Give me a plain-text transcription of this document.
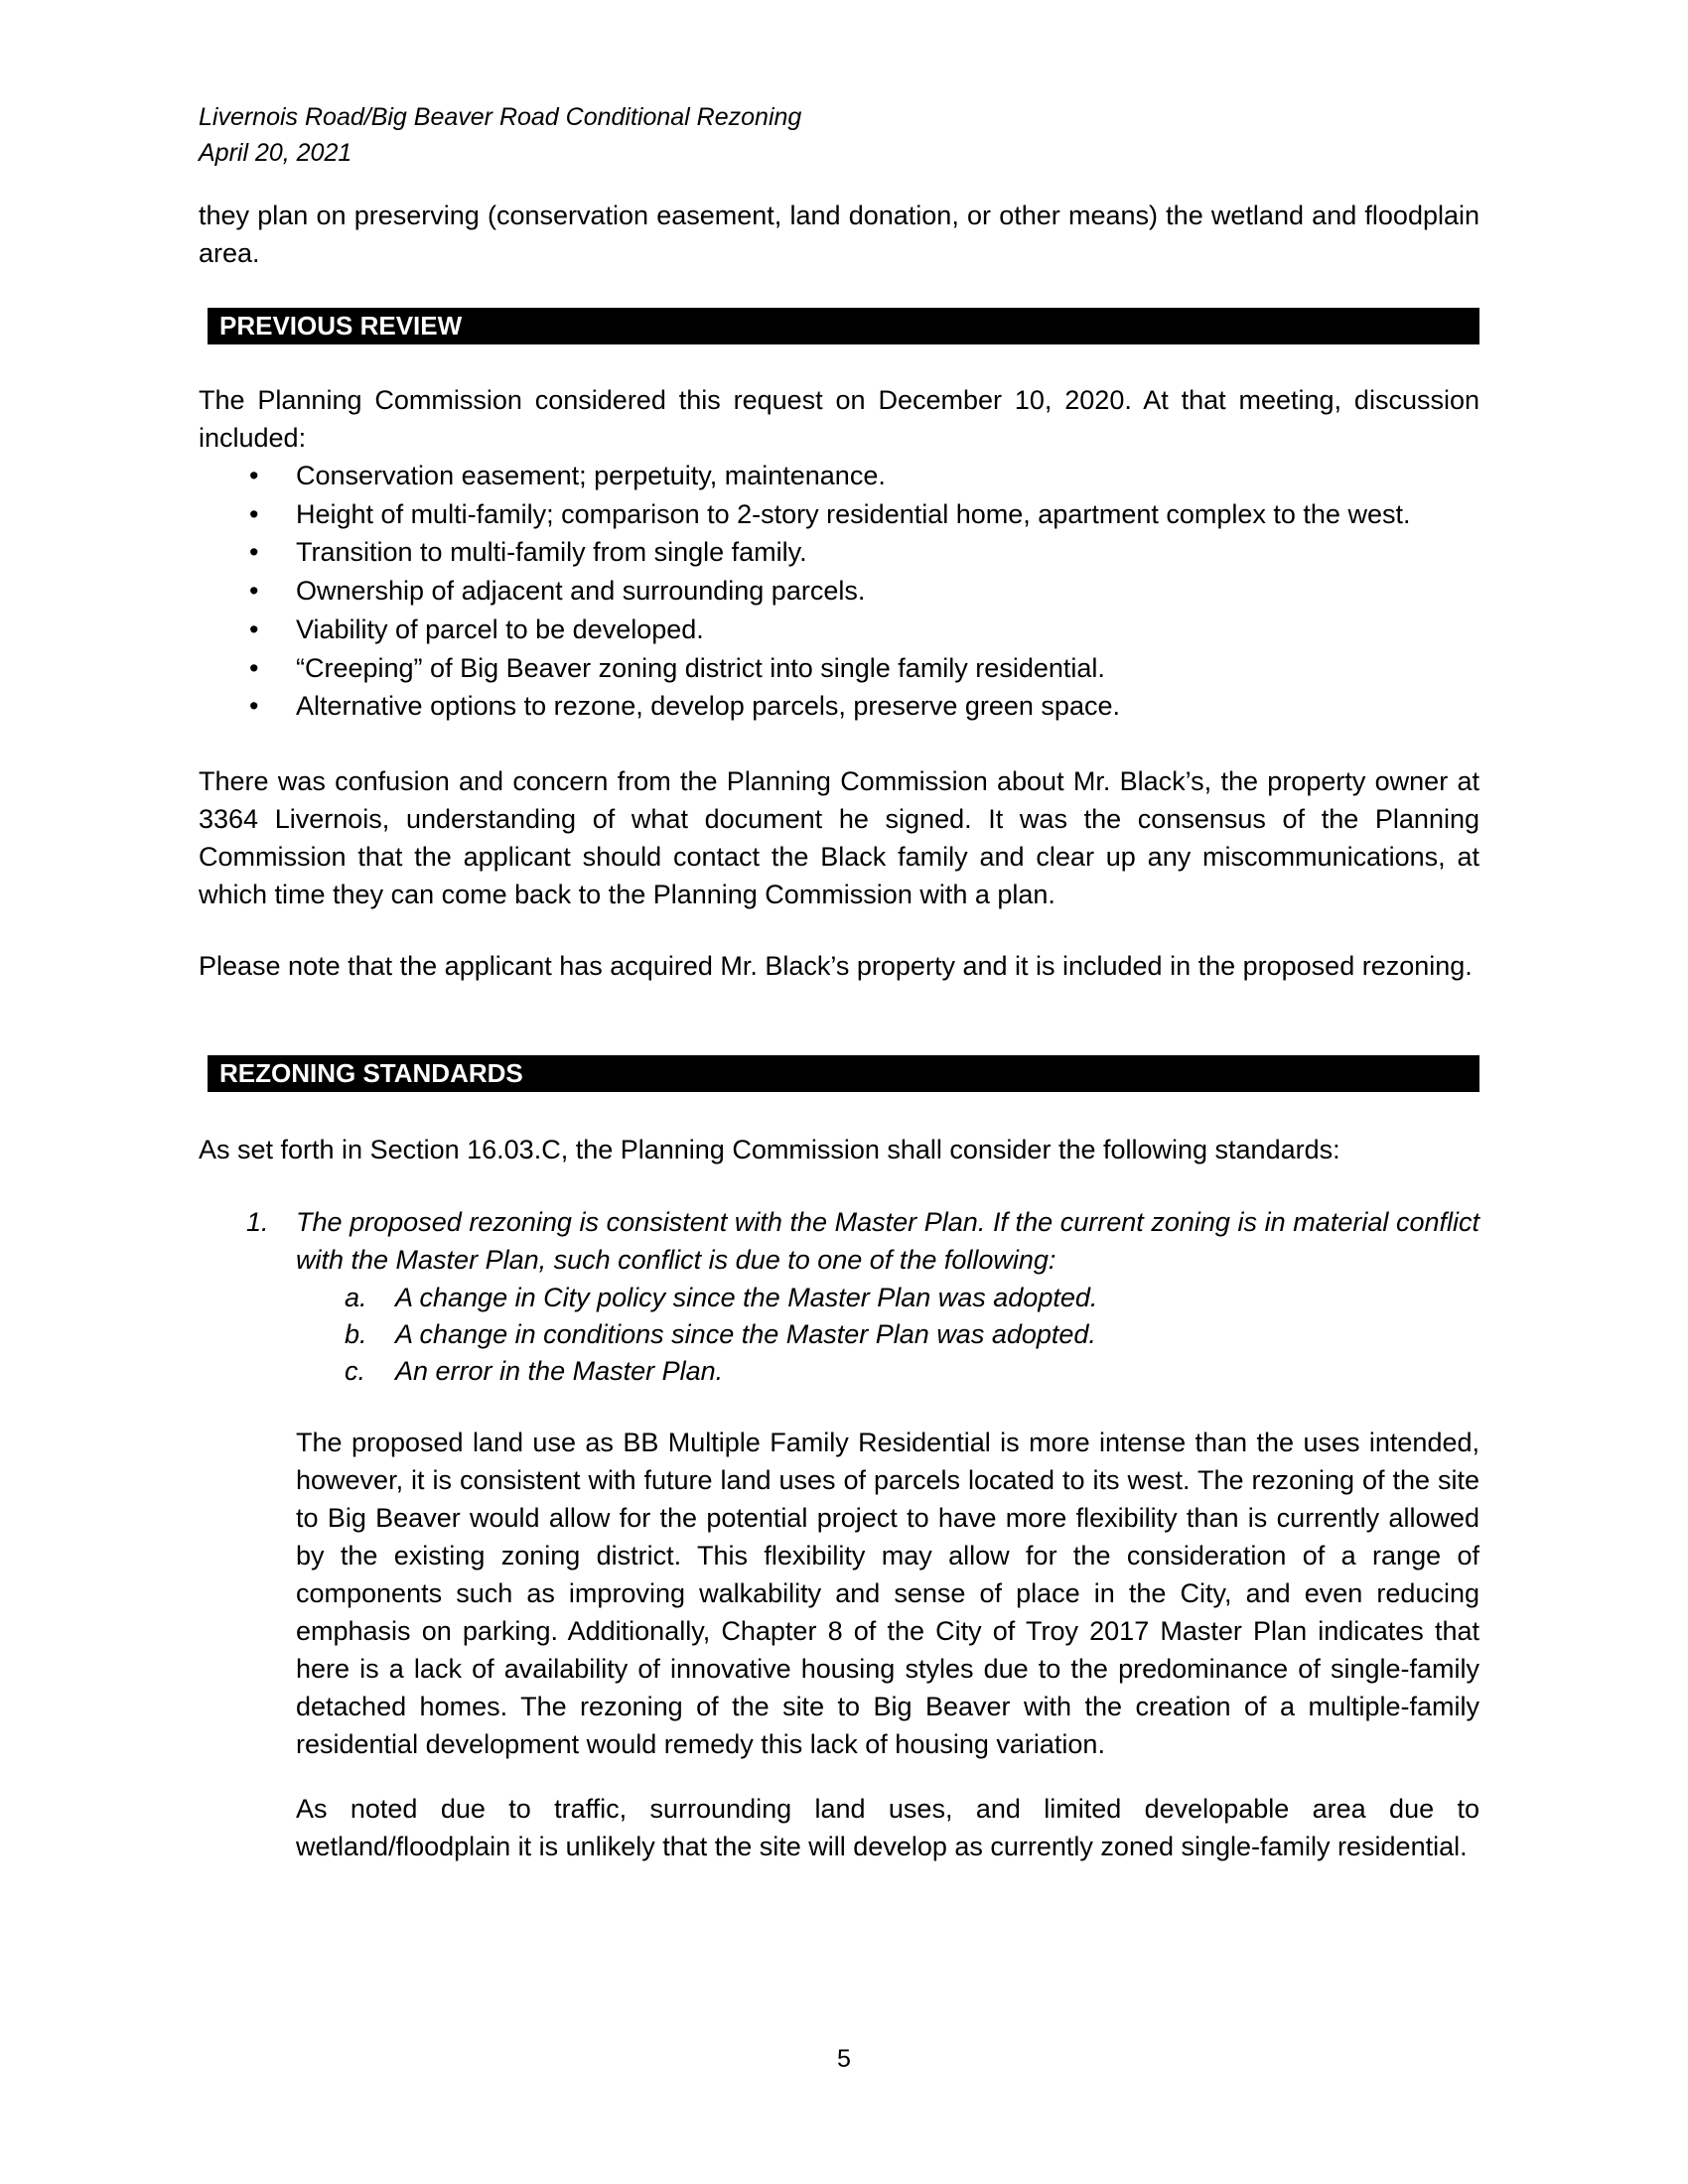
Livernois Road/Big Beaver Road Conditional Rezoning
April 20, 2021
they plan on preserving (conservation easement, land donation, or other means) the wetland and floodplain area.
PREVIOUS REVIEW
The Planning Commission considered this request on December 10, 2020. At that meeting, discussion included:
• Conservation easement; perpetuity, maintenance.
• Height of multi-family; comparison to 2-story residential home, apartment complex to the west.
• Transition to multi-family from single family.
• Ownership of adjacent and surrounding parcels.
• Viability of parcel to be developed.
• “Creeping” of Big Beaver zoning district into single family residential.
• Alternative options to rezone, develop parcels, preserve green space.
There was confusion and concern from the Planning Commission about Mr. Black’s, the property owner at 3364 Livernois, understanding of what document he signed. It was the consensus of the Planning Commission that the applicant should contact the Black family and clear up any miscommunications, at which time they can come back to the Planning Commission with a plan.
Please note that the applicant has acquired Mr. Black’s property and it is included in the proposed rezoning.
REZONING STANDARDS
As set forth in Section 16.03.C, the Planning Commission shall consider the following standards:
1. The proposed rezoning is consistent with the Master Plan. If the current zoning is in material conflict with the Master Plan, such conflict is due to one of the following:
a. A change in City policy since the Master Plan was adopted.
b. A change in conditions since the Master Plan was adopted.
c. An error in the Master Plan.
The proposed land use as BB Multiple Family Residential is more intense than the uses intended, however, it is consistent with future land uses of parcels located to its west. The rezoning of the site to Big Beaver would allow for the potential project to have more flexibility than is currently allowed by the existing zoning district. This flexibility may allow for the consideration of a range of components such as improving walkability and sense of place in the City, and even reducing emphasis on parking. Additionally, Chapter 8 of the City of Troy 2017 Master Plan indicates that here is a lack of availability of innovative housing styles due to the predominance of single-family detached homes. The rezoning of the site to Big Beaver with the creation of a multiple-family residential development would remedy this lack of housing variation.
As noted due to traffic, surrounding land uses, and limited developable area due to wetland/floodplain it is unlikely that the site will develop as currently zoned single-family residential.
5
